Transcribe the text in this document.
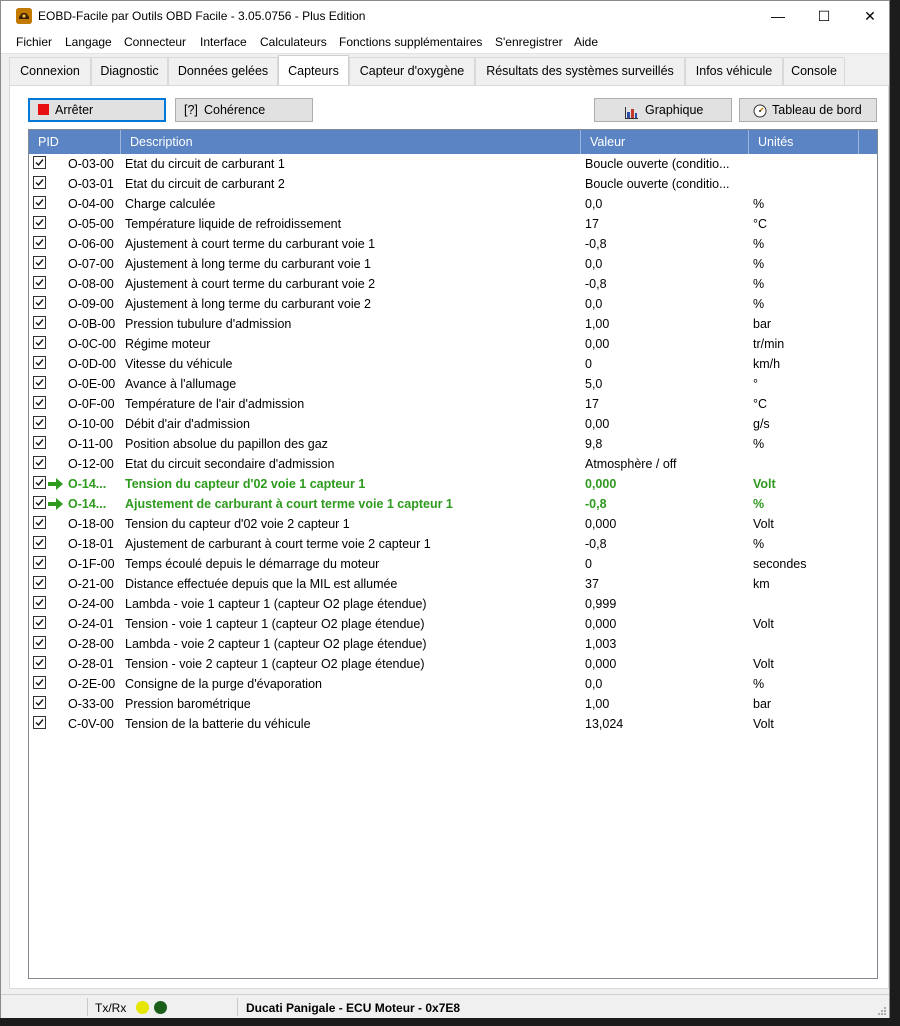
EOBD-Facile par Outils OBD Facile - 3.05.0756 - Plus Edition	—	☐	✕
Fichier Langage Connecteur Interface Calculateurs Fonctions supplémentaires S'enregistrer Aide
Connexion	Diagnostic	Données gelées	Capteurs	Capteur d'oxygène	Résultats des systèmes surveillés	Infos véhicule	Console
Arrêter	[?] Cohérence	Graphique	Tableau de bord
PID	Description	Valeur	Unités
O-03-00 Etat du circuit de carburant 1	Boucle ouverte (conditio...
O-03-01 Etat du circuit de carburant 2	Boucle ouverte (conditio...
O-04-00 Charge calculée	0,0	%
O-05-00 Température liquide de refroidissement	17	°C
O-06-00 Ajustement à court terme du carburant voie 1	-0,8	%
O-07-00 Ajustement à long terme du carburant voie 1	0,0	%
O-08-00 Ajustement à court terme du carburant voie 2	-0,8	%
O-09-00 Ajustement à long terme du carburant voie 2	0,0	%
O-0B-00 Pression tubulure d'admission	1,00	bar
O-0C-00 Régime moteur	0,00	tr/min
O-0D-00 Vitesse du véhicule	0	km/h
O-0E-00 Avance à l'allumage	5,0	°
O-0F-00 Température de l'air d'admission	17	°C
O-10-00 Débit d'air d'admission	0,00	g/s
O-11-00 Position absolue du papillon des gaz	9,8	%
O-12-00 Etat du circuit secondaire d'admission	Atmosphère / off
O-14... Tension du capteur d'02 voie 1 capteur 1	0,000	Volt
O-14... Ajustement de carburant à court terme voie 1 capteur 1	-0,8	%
O-18-00 Tension du capteur d'02 voie 2 capteur 1	0,000	Volt
O-18-01 Ajustement de carburant à court terme voie 2 capteur 1	-0,8	%
O-1F-00 Temps écoulé depuis le démarrage du moteur	0	secondes
O-21-00 Distance effectuée depuis que la MIL est allumée	37	km
O-24-00 Lambda - voie 1 capteur 1 (capteur O2 plage étendue)	0,999
O-24-01 Tension - voie 1 capteur 1 (capteur O2 plage étendue)	0,000	Volt
O-28-00 Lambda - voie 2 capteur 1 (capteur O2 plage étendue)	1,003
O-28-01 Tension - voie 2 capteur 1 (capteur O2 plage étendue)	0,000	Volt
O-2E-00 Consigne de la purge d'évaporation	0,0	%
O-33-00 Pression barométrique	1,00	bar
C-0V-00 Tension de la batterie du véhicule	13,024	Volt
Tx/Rx	Ducati Panigale - ECU Moteur - 0x7E8
